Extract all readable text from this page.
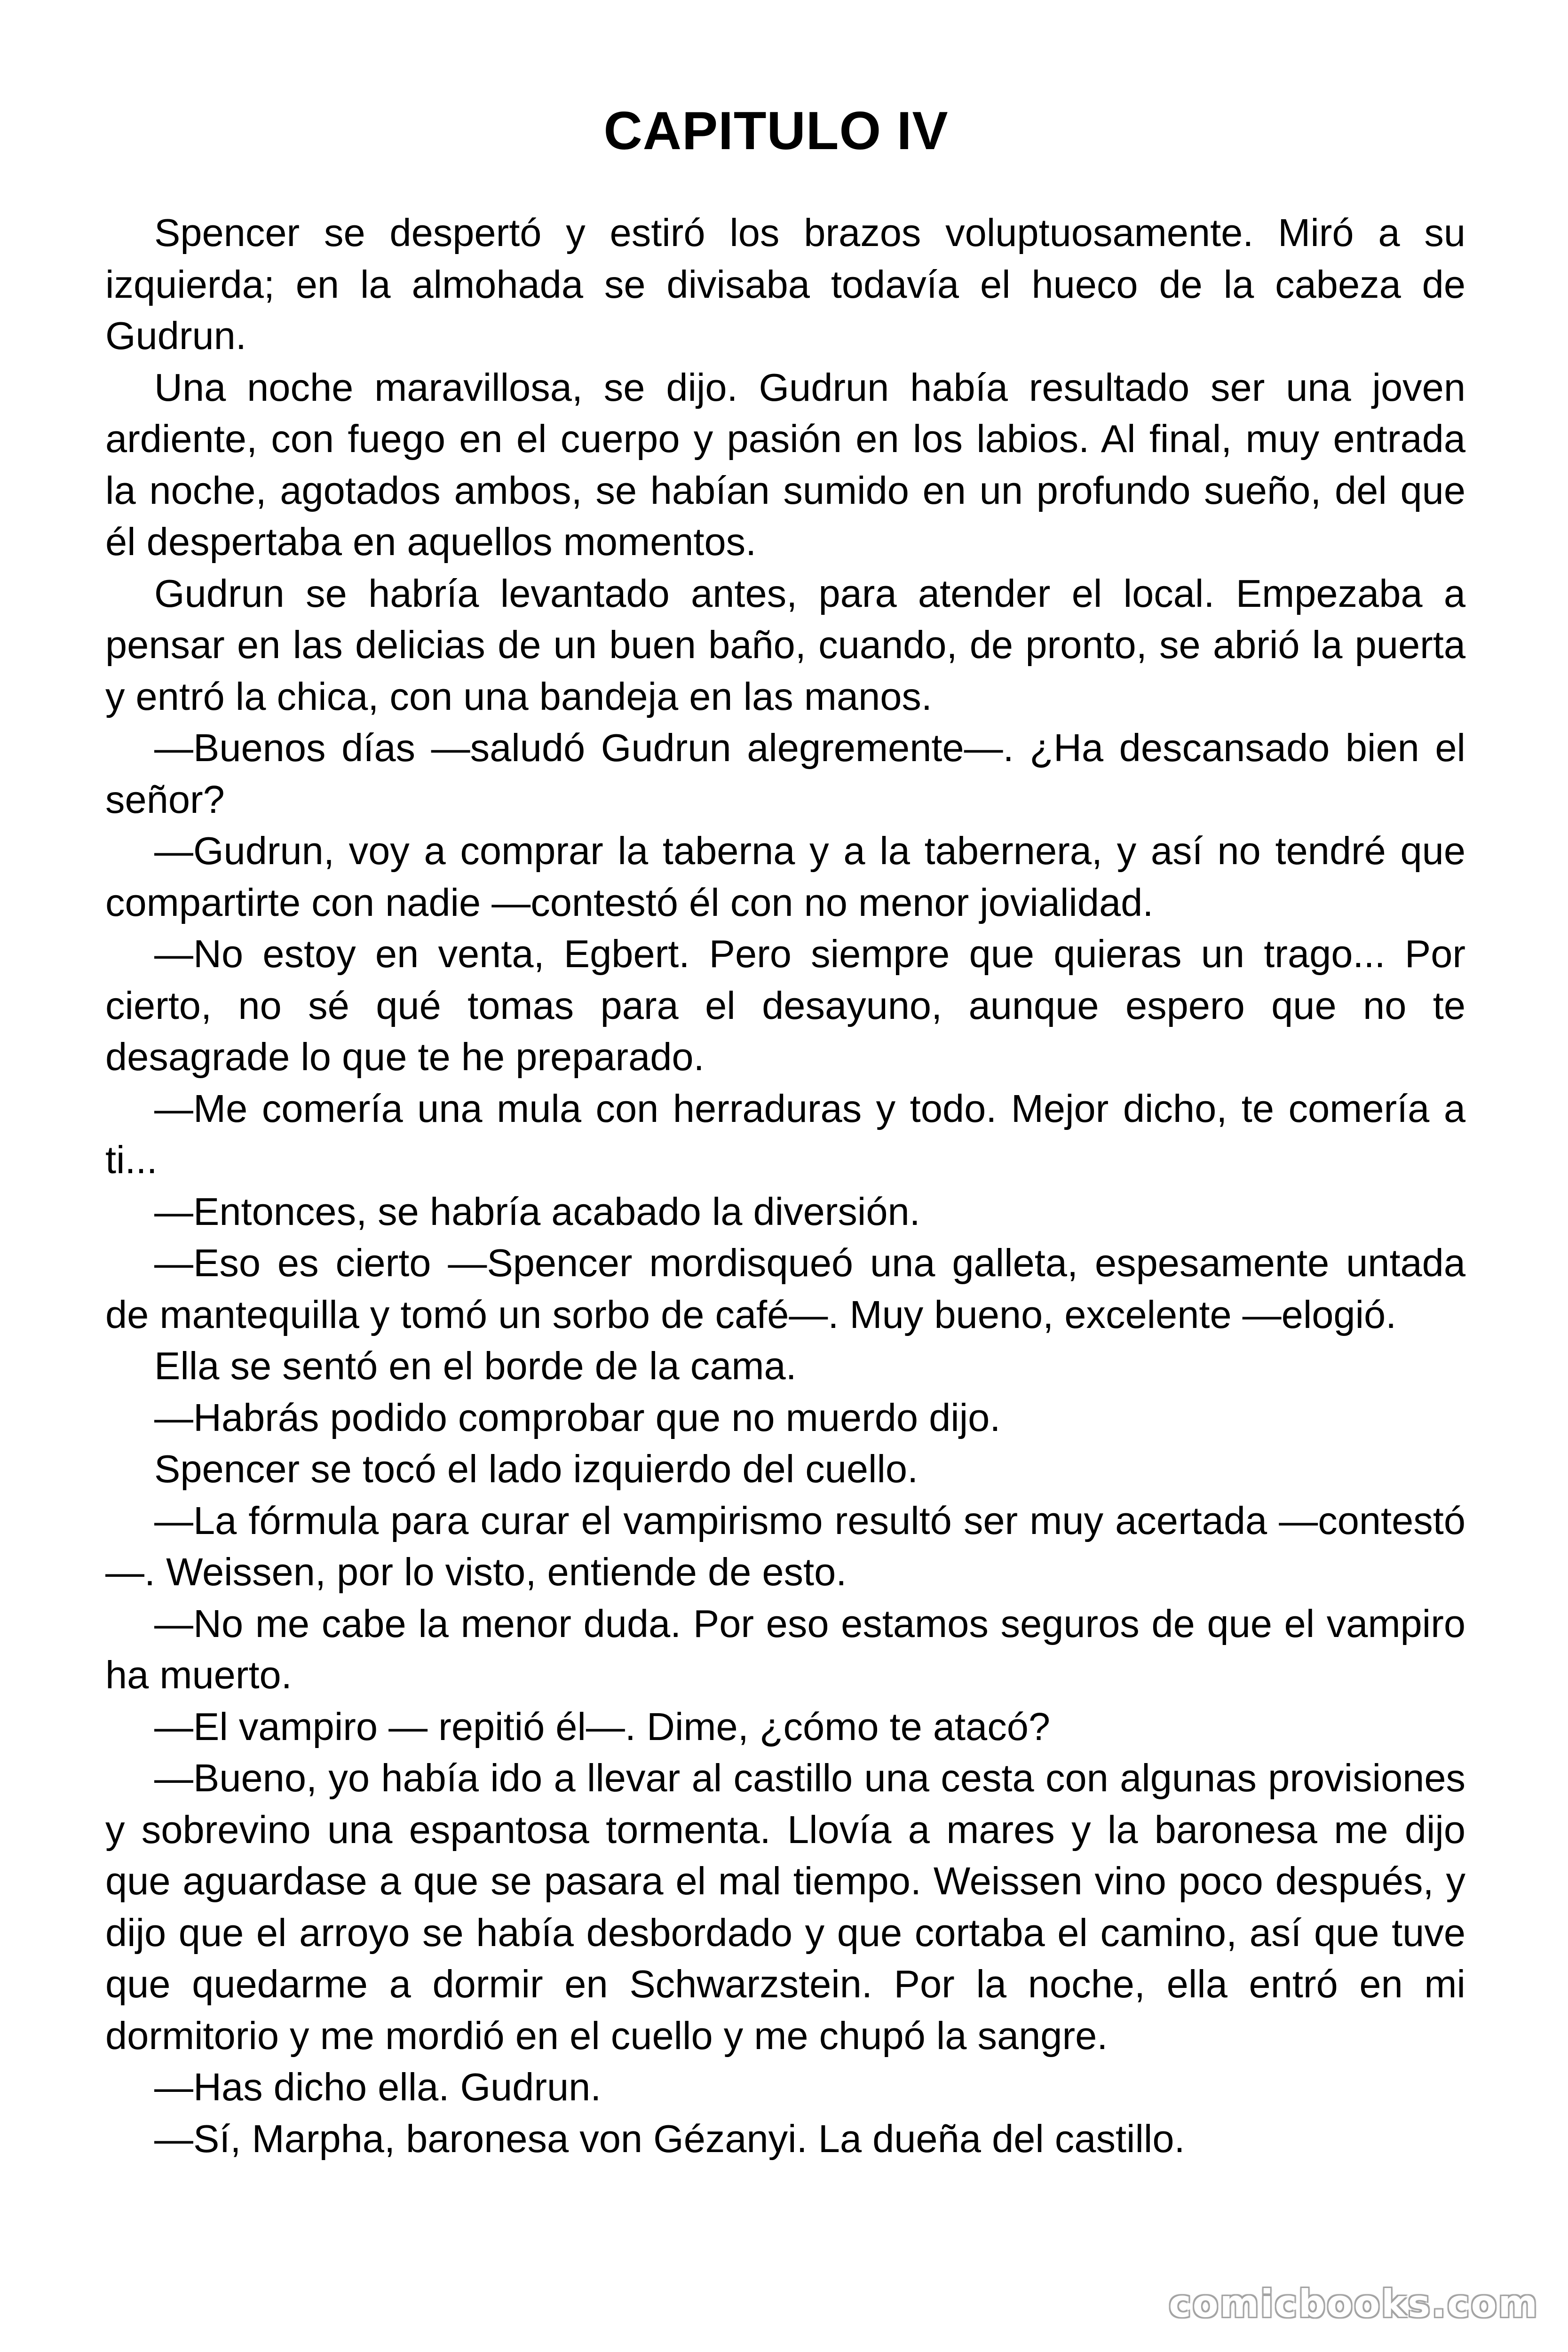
CAPITULO IV

Spencer se despertó y estiró los brazos voluptuosamente. Miró a su izquierda; en la almohada se divisaba todavía el hueco de la cabeza de Gudrun.

Una noche maravillosa, se dijo. Gudrun había resultado ser una joven ardiente, con fuego en el cuerpo y pasión en los labios. Al final, muy entrada la noche, agotados ambos, se habían sumido en un profundo sueño, del que él despertaba en aquellos momentos.

Gudrun se habría levantado antes, para atender el local. Empezaba a pensar en las delicias de un buen baño, cuando, de pronto, se abrió la puerta y entró la chica, con una bandeja en las manos.

—Buenos días —saludó Gudrun alegremente—. ¿Ha descansado bien el señor?

—Gudrun, voy a comprar la taberna y a la tabernera, y así no tendré que compartirte con nadie —contestó él con no menor jovialidad.

—No estoy en venta, Egbert. Pero siempre que quieras un trago... Por cierto, no sé qué tomas para el desayuno, aunque espero que no te desagrade lo que te he preparado.

—Me comería una mula con herraduras y todo. Mejor dicho, te comería a ti...

—Entonces, se habría acabado la diversión.

—Eso es cierto —Spencer mordisqueó una galleta, espesamente untada de mantequilla y tomó un sorbo de café—. Muy bueno, excelente —elogió.

Ella se sentó en el borde de la cama.

—Habrás podido comprobar que no muerdo dijo.

Spencer se tocó el lado izquierdo del cuello.

—La fórmula para curar el vampirismo resultó ser muy acertada —contestó—. Weissen, por lo visto, entiende de esto.

—No me cabe la menor duda. Por eso estamos seguros de que el vampiro ha muerto.

—El vampiro — repitió él—. Dime, ¿cómo te atacó?

—Bueno, yo había ido a llevar al castillo una cesta con algunas provisiones y sobrevino una espantosa tormenta. Llovía a mares y la baronesa me dijo que aguardase a que se pasara el mal tiempo. Weissen vino poco después, y dijo que el arroyo se había desbordado y que cortaba el camino, así que tuve que quedarme a dormir en Schwarzstein. Por la noche, ella entró en mi dormitorio y me mordió en el cuello y me chupó la sangre.

—Has dicho ella. Gudrun.

—Sí, Marpha, baronesa von Gézanyi. La dueña del castillo.

comicbooks.com
